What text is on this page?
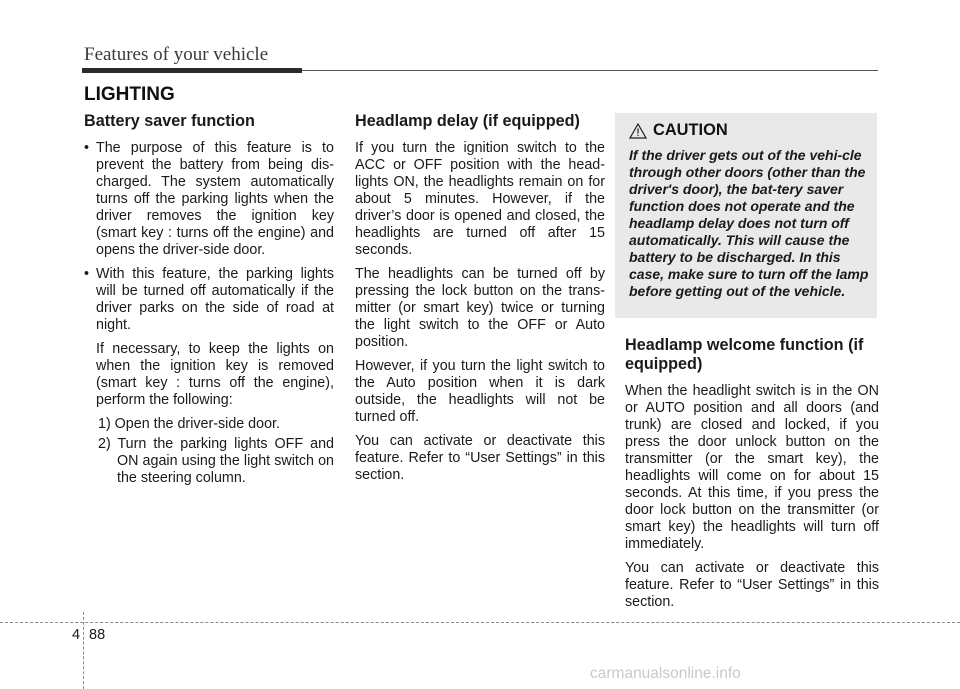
Features of your vehicle
LIGHTING
Battery saver function
• The purpose of this feature is to prevent the battery from being dis-charged. The system automatically turns off the parking lights when the driver removes the ignition key (smart key : turns off the engine) and opens the driver-side door.
• With this feature, the parking lights will be turned off automatically if the driver parks on the side of road at night.

If necessary, to keep the lights on when the ignition key is removed (smart key : turns off the engine), perform the following:

1) Open the driver-side door.

2) Turn the parking lights OFF and ON again using the light switch on the steering column.

Headlamp delay (if equipped)

If you turn the ignition switch to the ACC or OFF position with the head-lights ON, the headlights remain on for about 5 minutes. However, if the driver’s door is opened and closed, the headlights are turned off after 15 seconds.

The headlights can be turned off by pressing the lock button on the trans-mitter (or smart key) twice or turning the light switch to the OFF or Auto position.

However, if you turn the light switch to the Auto position when it is dark outside, the headlights will not be turned off.

You can activate or deactivate this feature. Refer to “User Settings” in this section.

CAUTION
If the driver gets out of the vehi-cle through other doors (other than the driver's door), the bat-tery saver function does not operate and the headlamp delay does not turn off automatically. This will cause the battery to be discharged. In this case, make sure to turn off the lamp before getting out of the vehicle.
Headlamp welcome function (if equipped)

When the headlight switch is in the ON or AUTO position and all doors (and trunk) are closed and locked, if you press the door unlock button on the transmitter (or the smart key), the headlights will come on for about 15 seconds. At this time, if you press the door lock button on the transmitter (or smart key) the headlights will turn off immediately.

You can activate or deactivate this feature. Refer to “User Settings” in this section.

4 88
carmanualsonline.info
